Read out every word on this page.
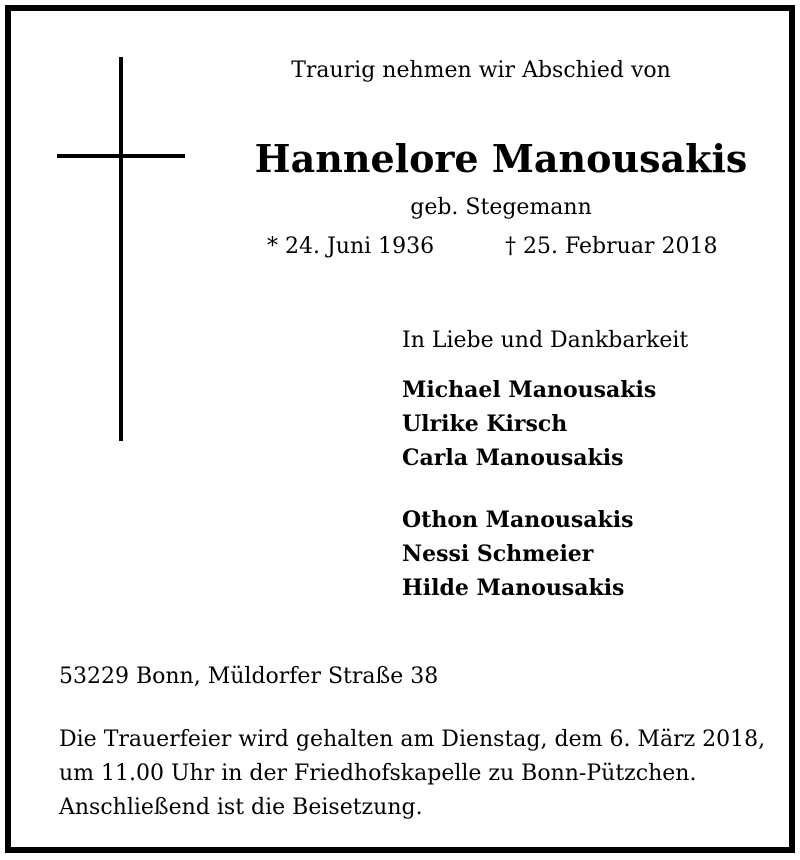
Traurig nehmen wir Abschied von
Hannelore Manousakis
geb. Stegemann
* 24. Juni 1936	† 25. Februar 2018
In Liebe und Dankbarkeit
Michael Manousakis
Ulrike Kirsch
Carla Manousakis
Othon Manousakis
Nessi Schmeier
Hilde Manousakis
53229 Bonn, Müldorfer Straße 38
Die Trauerfeier wird gehalten am Dienstag, dem 6. März 2018,
um 11.00 Uhr in der Friedhofskapelle zu Bonn-Pützchen.
Anschließend ist die Beisetzung.
